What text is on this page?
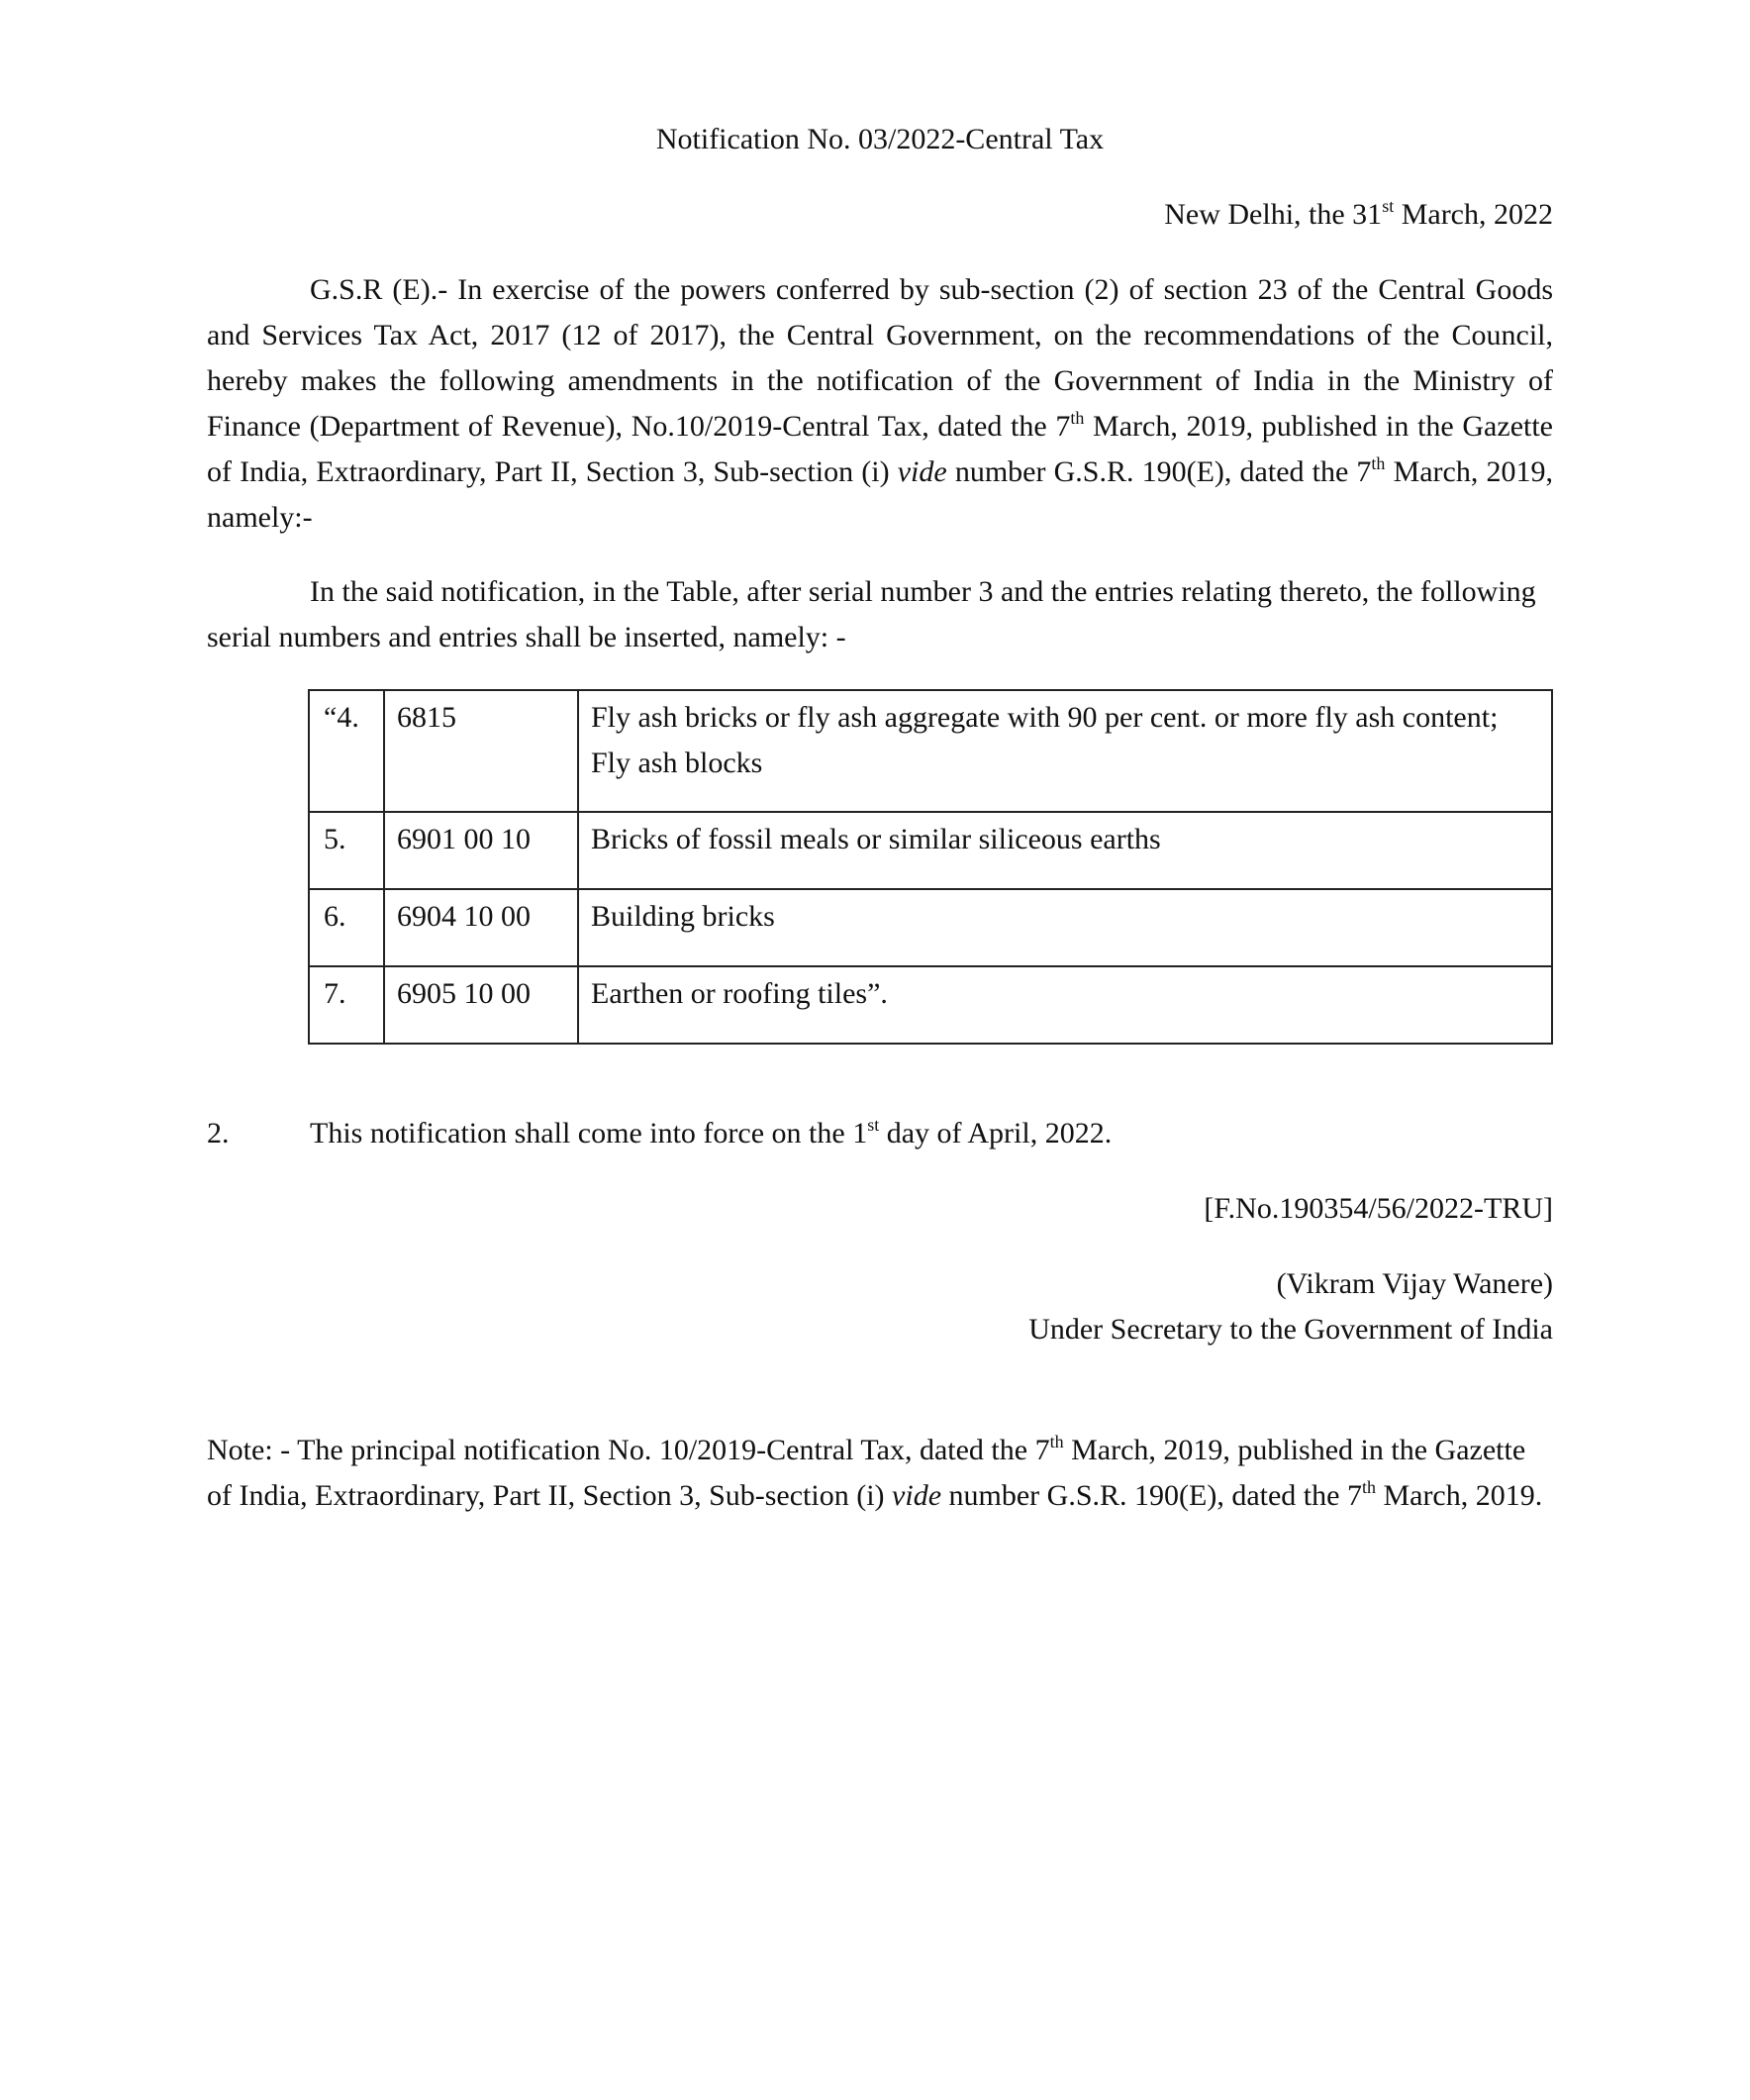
Notification No. 03/2022-Central Tax
New Delhi, the 31st March, 2022
G.S.R (E).- In exercise of the powers conferred by sub-section (2) of section 23 of the Central Goods and Services Tax Act, 2017 (12 of 2017), the Central Government, on the recommendations of the Council, hereby makes the following amendments in the notification of the Government of India in the Ministry of Finance (Department of Revenue), No.10/2019-Central Tax, dated the 7th March, 2019, published in the Gazette of India, Extraordinary, Part II, Section 3, Sub-section (i) vide number G.S.R. 190(E), dated the 7th March, 2019, namely:-
In the said notification, in the Table, after serial number 3 and the entries relating thereto, the following serial numbers and entries shall be inserted, namely: -
“4.	6815	Fly ash bricks or fly ash aggregate with 90 per cent. or more fly ash content; Fly ash blocks
5.	6901 00 10	Bricks of fossil meals or similar siliceous earths
6.	6904 10 00	Building bricks
7.	6905 10 00	Earthen or roofing tiles”.
2.	This notification shall come into force on the 1st day of April, 2022.
[F.No.190354/56/2022-TRU]
(Vikram Vijay Wanere)
Under Secretary to the Government of India
Note: - The principal notification No. 10/2019-Central Tax, dated the 7th March, 2019, published in the Gazette of India, Extraordinary, Part II, Section 3, Sub-section (i) vide number G.S.R. 190(E), dated the 7th March, 2019.
